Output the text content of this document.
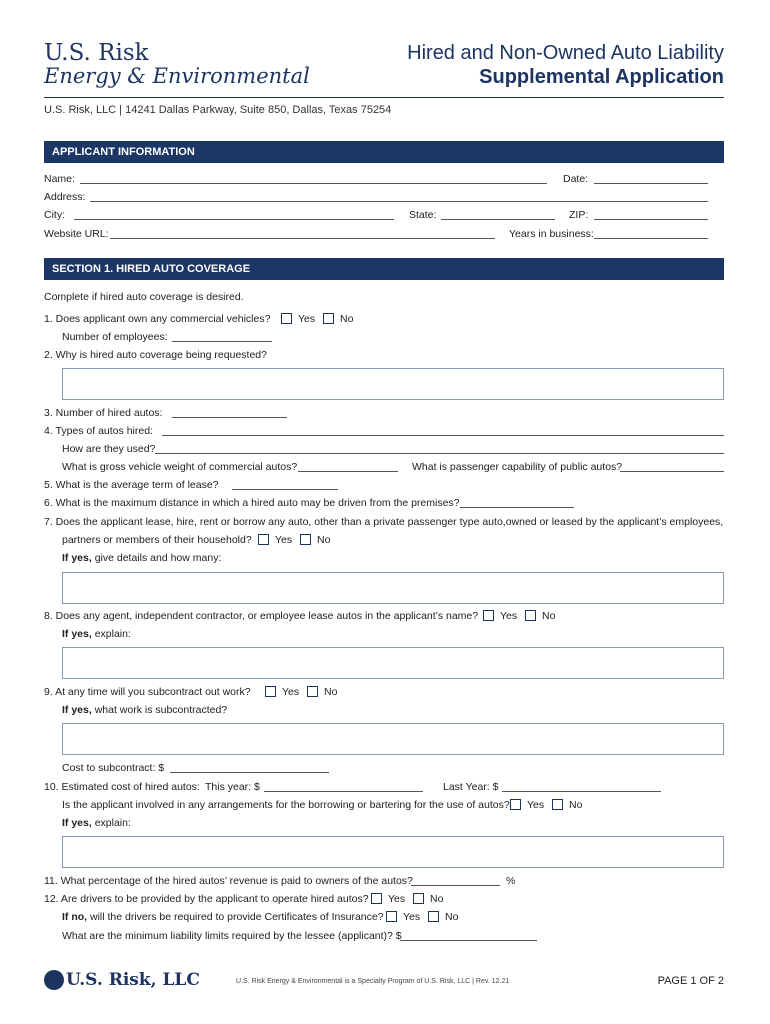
U.S. Risk
Energy & Environmental
Hired and Non-Owned Auto Liability
Supplemental Application
U.S. Risk, LLC | 14241 Dallas Parkway, Suite 850, Dallas, Texas 75254
APPLICANT INFORMATION
Name:	Date:
Address:
City:	State:	ZIP:
Website URL:	Years in business:
SECTION 1. HIRED AUTO COVERAGE
Complete if hired auto coverage is desired.
1. Does applicant own any commercial vehicles?	Yes No
Number of employees:
2. Why is hired auto coverage being requested?
3. Number of hired autos:
4. Types of autos hired:
How are they used?
What is gross vehicle weight of commercial autos?	What is passenger capability of public autos?
5. What is the average term of lease?
6. What is the maximum distance in which a hired auto may be driven from the premises?
7. Does the applicant lease, hire, rent or borrow any auto, other than a private passenger type auto,owned or leased by the applicant’s employees,
partners or members of their household? Yes No
If yes, give details and how many:
8. Does any agent, independent contractor, or employee lease autos in the applicant’s name? Yes No
If yes, explain:
9. At any time will you subcontract out work?	Yes No
If yes, what work is subcontracted?
Cost to subcontract: $
10. Estimated cost of hired autos: This year: $	Last Year: $
Is the applicant involved in any arrangements for the borrowing or bartering for the use of autos? Yes No
If yes, explain:
11. What percentage of the hired autos’ revenue is paid to owners of the autos?	%
12. Are drivers to be provided by the applicant to operate hired autos? Yes No
If no, will the drivers be required to provide Certificates of Insurance? Yes No
What are the minimum liability limits required by the lessee (applicant)? $
U.S. Risk, LLC	U.S. Risk Energy & Environmental is a Specialty Program of U.S. Risk, LLC | Rev. 12.21	PAGE 1 OF 2
